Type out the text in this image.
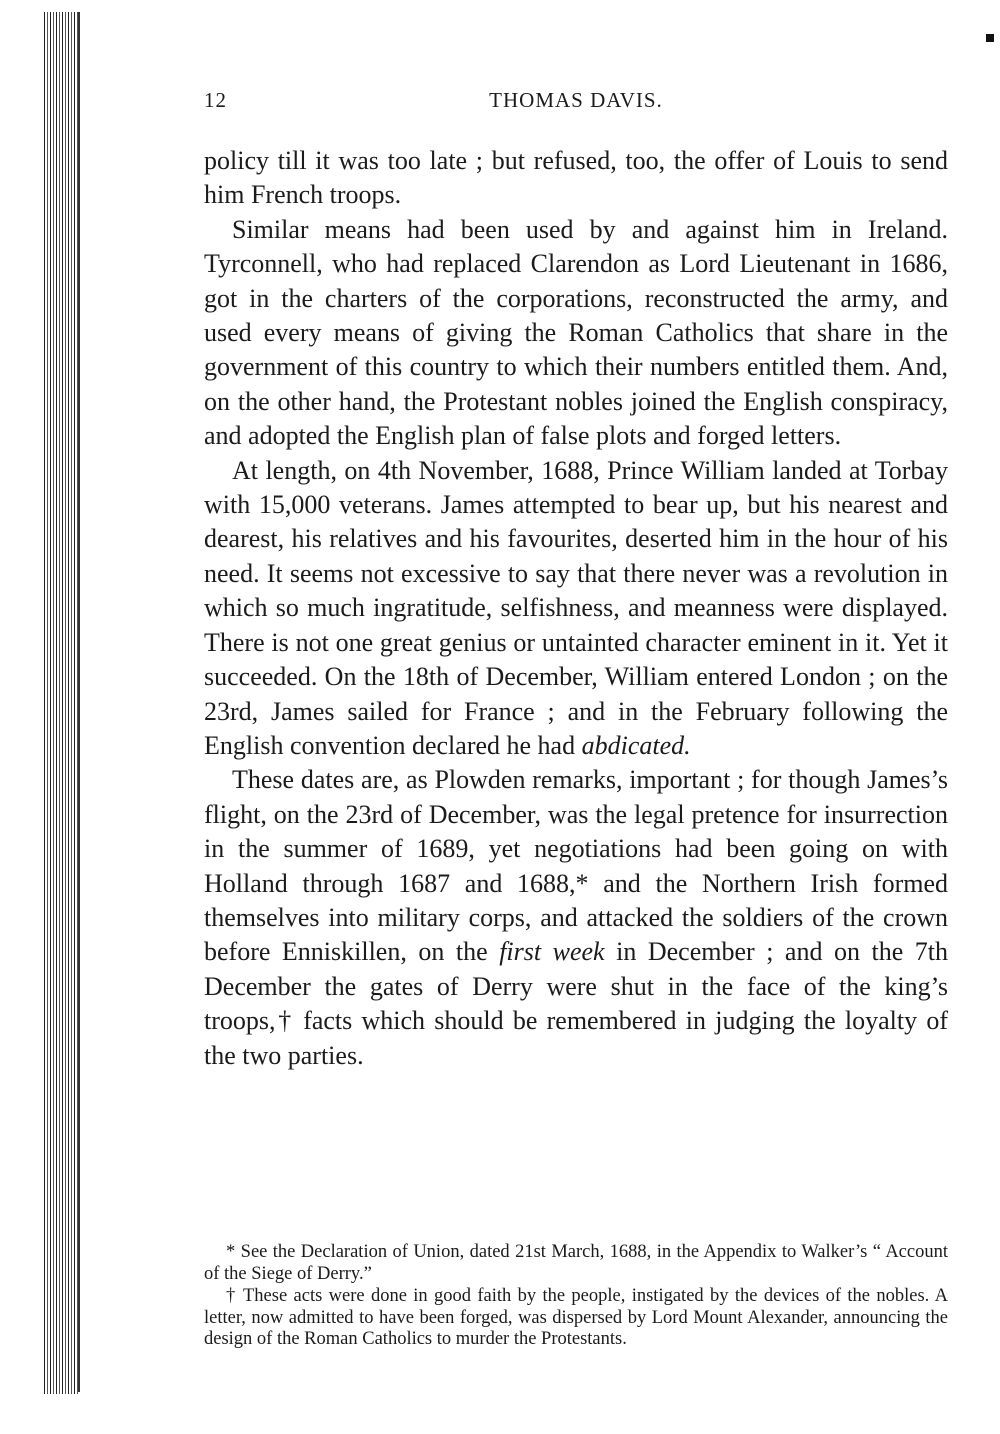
12	THOMAS DAVIS.

policy till it was too late ; but refused, too, the offer of Louis to send him French troops.

Similar means had been used by and against him in Ireland. Tyrconnell, who had replaced Clarendon as Lord Lieutenant in 1686, got in the charters of the corporations, reconstructed the army, and used every means of giving the Roman Catholics that share in the government of this country to which their numbers entitled them. And, on the other hand, the Protestant nobles joined the English conspiracy, and adopted the English plan of false plots and forged letters.

At length, on 4th November, 1688, Prince William landed at Torbay with 15,000 veterans. James attempted to bear up, but his nearest and dearest, his relatives and his favourites, deserted him in the hour of his need. It seems not excessive to say that there never was a revolution in which so much ingratitude, selfishness, and meanness were displayed. There is not one great genius or untainted character eminent in it. Yet it succeeded. On the 18th of December, William entered London ; on the 23rd, James sailed for France ; and in the February following the English convention declared he had abdicated.

These dates are, as Plowden remarks, important ; for though James’s flight, on the 23rd of December, was the legal pretence for insurrection in the summer of 1689, yet negotiations had been going on with Holland through 1687 and 1688,* and the Northern Irish formed themselves into military corps, and attacked the soldiers of the crown before Enniskillen, on the first week in December ; and on the 7th December the gates of Derry were shut in the face of the king’s troops,† facts which should be remembered in judging the loyalty of the two parties.

* See the Declaration of Union, dated 21st March, 1688, in the Appendix to Walker’s “ Account of the Siege of Derry.”

† These acts were done in good faith by the people, instigated by the devices of the nobles. A letter, now admitted to have been forged, was dispersed by Lord Mount Alexander, announcing the design of the Roman Catholics to murder the Protestants.
